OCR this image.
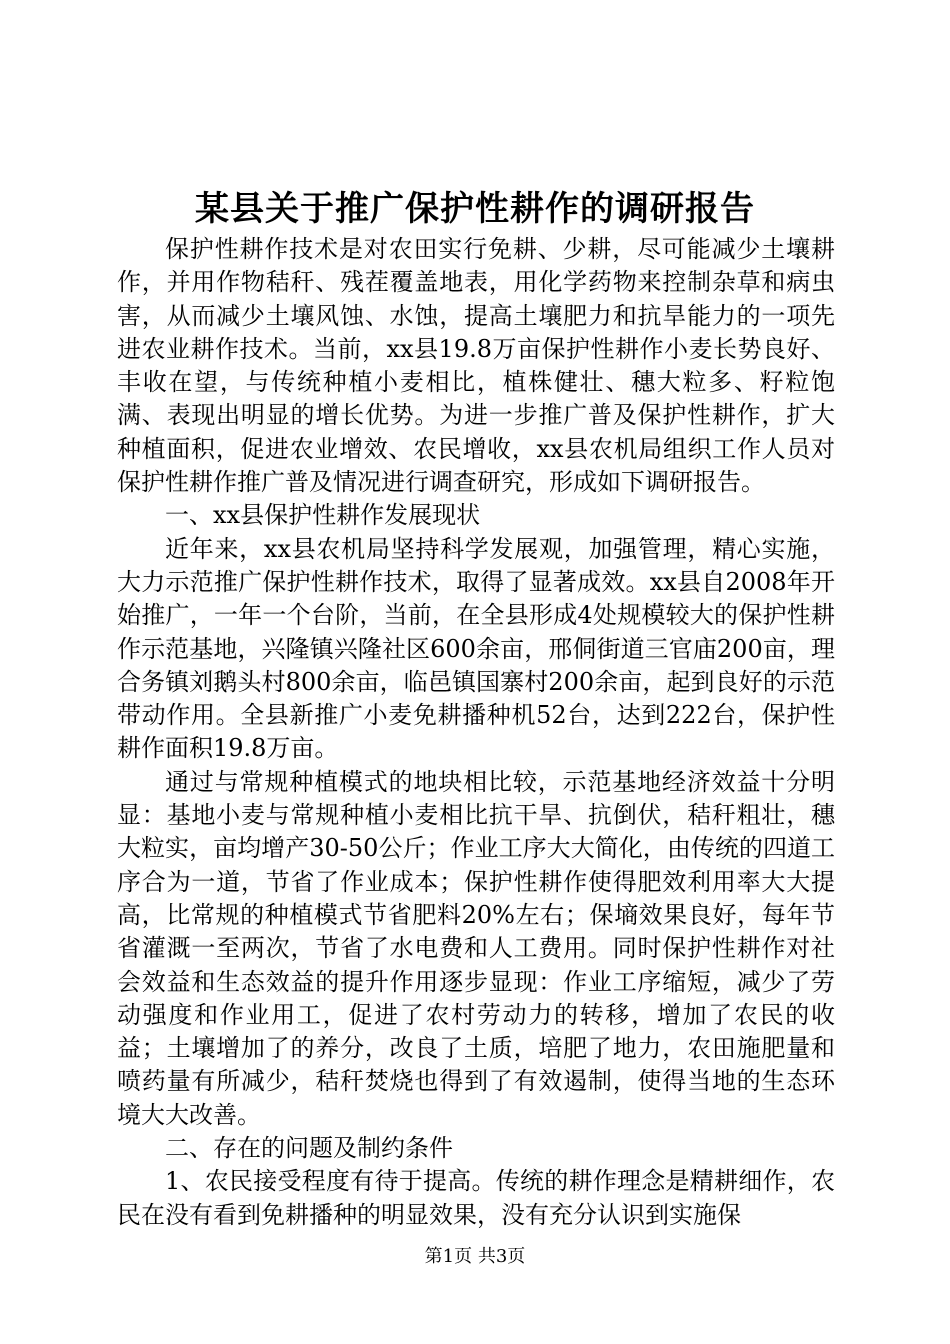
某县关于推广保护性耕作的调研报告

保护性耕作技术是对农田实行免耕、少耕，尽可能减少土壤耕作，并用作物秸秆、残茬覆盖地表，用化学药物来控制杂草和病虫害，从而减少土壤风蚀、水蚀，提高土壤肥力和抗旱能力的一项先进农业耕作技术。当前，xx县19.8万亩保护性耕作小麦长势良好、丰收在望，与传统种植小麦相比，植株健壮、穗大粒多、籽粒饱满、表现出明显的增长优势。为进一步推广普及保护性耕作，扩大种植面积，促进农业增效、农民增收，xx县农机局组织工作人员对保护性耕作推广普及情况进行调查研究，形成如下调研报告。

一、xx县保护性耕作发展现状

近年来，xx县农机局坚持科学发展观，加强管理，精心实施，大力示范推广保护性耕作技术，取得了显著成效。xx县自2008年开始推广，一年一个台阶，当前，在全县形成4处规模较大的保护性耕作示范基地，兴隆镇兴隆社区600余亩，邢侗街道三官庙200亩，理合务镇刘鹅头村800余亩，临邑镇国寨村200余亩，起到良好的示范带动作用。全县新推广小麦免耕播种机52台，达到222台，保护性耕作面积19.8万亩。

通过与常规种植模式的地块相比较，示范基地经济效益十分明显：基地小麦与常规种植小麦相比抗干旱、抗倒伏，秸秆粗壮，穗大粒实，亩均增产30-50公斤；作业工序大大简化，由传统的四道工序合为一道，节省了作业成本；保护性耕作使得肥效利用率大大提高，比常规的种植模式节省肥料20%左右；保墒效果良好，每年节省灌溉一至两次，节省了水电费和人工费用。同时保护性耕作对社会效益和生态效益的提升作用逐步显现：作业工序缩短，减少了劳动强度和作业用工，促进了农村劳动力的转移，增加了农民的收益；土壤增加了的养分，改良了土质，培肥了地力，农田施肥量和喷药量有所减少，秸秆焚烧也得到了有效遏制，使得当地的生态环境大大改善。

二、存在的问题及制约条件

1、农民接受程度有待于提高。传统的耕作理念是精耕细作，农民在没有看到免耕播种的明显效果，没有充分认识到实施保

第1页 共3页
